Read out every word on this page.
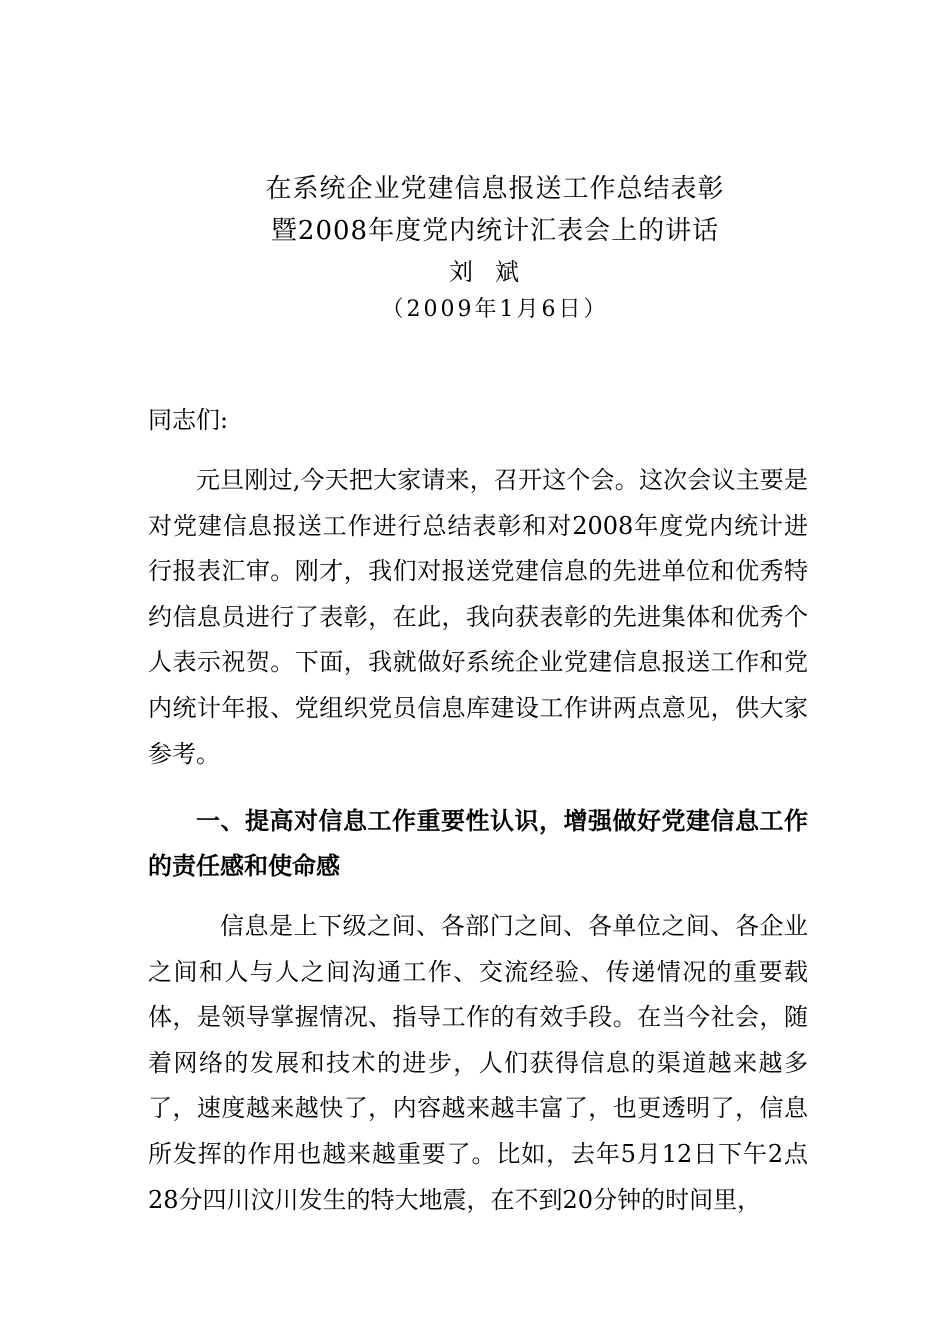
在系统企业党建信息报送工作总结表彰
暨2008年度党内统计汇表会上的讲话
刘斌
（2009年1月6日）
同志们:

元旦刚过,今天把大家请来，召开这个会。这次会议主要是对党建信息报送工作进行总结表彰和对2008年度党内统计进行报表汇审。刚才，我们对报送党建信息的先进单位和优秀特约信息员进行了表彰，在此，我向获表彰的先进集体和优秀个人表示祝贺。下面，我就做好系统企业党建信息报送工作和党内统计年报、党组织党员信息库建设工作讲两点意见，供大家参考。

一、提高对信息工作重要性认识，增强做好党建信息工作的责任感和使命感

信息是上下级之间、各部门之间、各单位之间、各企业之间和人与人之间沟通工作、交流经验、传递情况的重要载体，是领导掌握情况、指导工作的有效手段。在当今社会，随着网络的发展和技术的进步，人们获得信息的渠道越来越多了，速度越来越快了，内容越来越丰富了，也更透明了，信息所发挥的作用也越来越重要了。比如，去年5月12日下午2点28分四川汶川发生的特大地震，在不到20分钟的时间里，
